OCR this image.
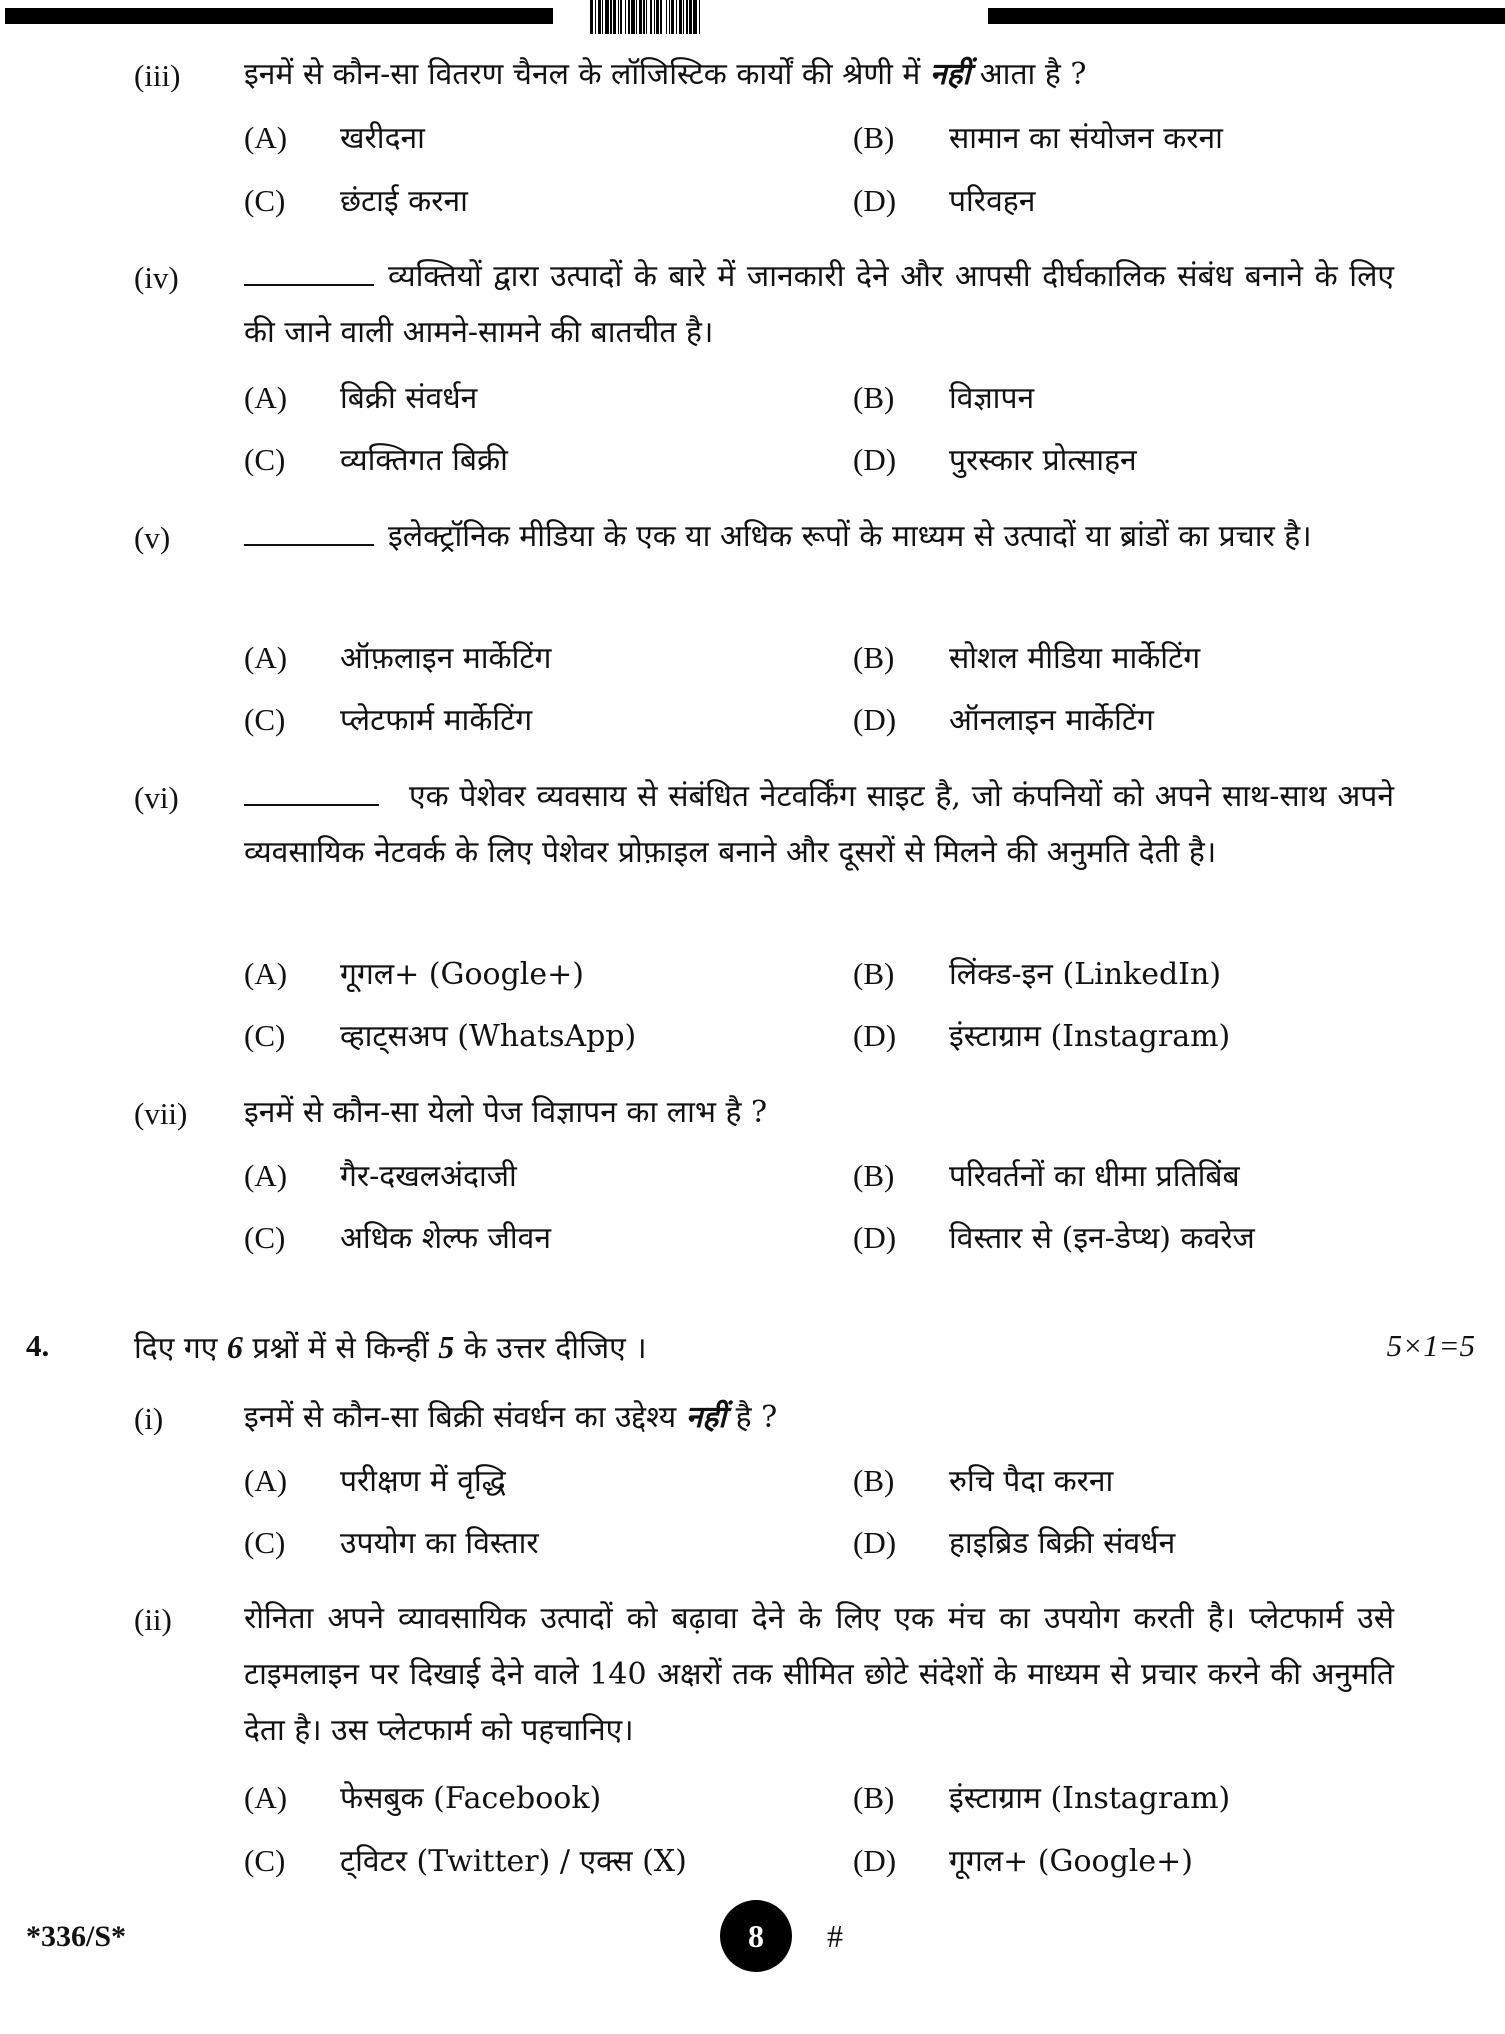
(iii) इनमें से कौन-सा वितरण चैनल के लॉजिस्टिक कार्यों की श्रेणी में नहीं आता है ?
(A) खरीदना	(B) सामान का संयोजन करना
(C) छंटाई करना	(D) परिवहन
(iv)	व्यक्तियों द्वारा उत्पादों के बारे में जानकारी देने और आपसी दीर्घकालिक संबंध बनाने के लिए की जाने वाली आमने-सामने की बातचीत है।
(A) बिक्री संवर्धन	(B) विज्ञापन
(C) व्यक्तिगत बिक्री	(D) पुरस्कार प्रोत्साहन
(v)	इलेक्ट्रॉनिक मीडिया के एक या अधिक रूपों के माध्यम से उत्पादों या ब्रांडों का प्रचार है।
(A) ऑफ़लाइन मार्केटिंग	(B) सोशल मीडिया मार्केटिंग
(C) प्लेटफार्म मार्केटिंग	(D) ऑनलाइन मार्केटिंग
(vi)	एक पेशेवर व्यवसाय से संबंधित नेटवर्किंग साइट है, जो कंपनियों को अपने साथ-साथ अपने व्यवसायिक नेटवर्क के लिए पेशेवर प्रोफ़ाइल बनाने और दूसरों से मिलने की अनुमति देती है।
(A) गूगल+ (Google+)	(B) लिंक्ड-इन (LinkedIn)
(C) व्हाट्सअप (WhatsApp)	(D) इंस्टाग्राम (Instagram)
(vii) इनमें से कौन-सा येलो पेज विज्ञापन का लाभ है ?
(A) गैर-दखलअंदाजी	(B) परिवर्तनों का धीमा प्रतिबिंब
(C) अधिक शेल्फ जीवन	(D) विस्तार से (इन-डेप्थ) कवरेज
4.	दिए गए 6 प्रश्नों में से किन्हीं 5 के उत्तर दीजिए ।	5×1=5
(i)	इनमें से कौन-सा बिक्री संवर्धन का उद्देश्य नहीं है ?
(A) परीक्षण में वृद्धि	(B) रुचि पैदा करना
(C) उपयोग का विस्तार	(D) हाइब्रिड बिक्री संवर्धन
(ii) रोनिता अपने व्यावसायिक उत्पादों को बढ़ावा देने के लिए एक मंच का उपयोग करती है। प्लेटफार्म उसे टाइमलाइन पर दिखाई देने वाले 140 अक्षरों तक सीमित छोटे संदेशों के माध्यम से प्रचार करने की अनुमति देता है। उस प्लेटफार्म को पहचानिए।
(A) फेसबुक (Facebook)	(B) इंस्टाग्राम (Instagram)
(C) ट्विटर (Twitter) / एक्स (X)	(D) गूगल+ (Google+)
*336/S*	8 #
